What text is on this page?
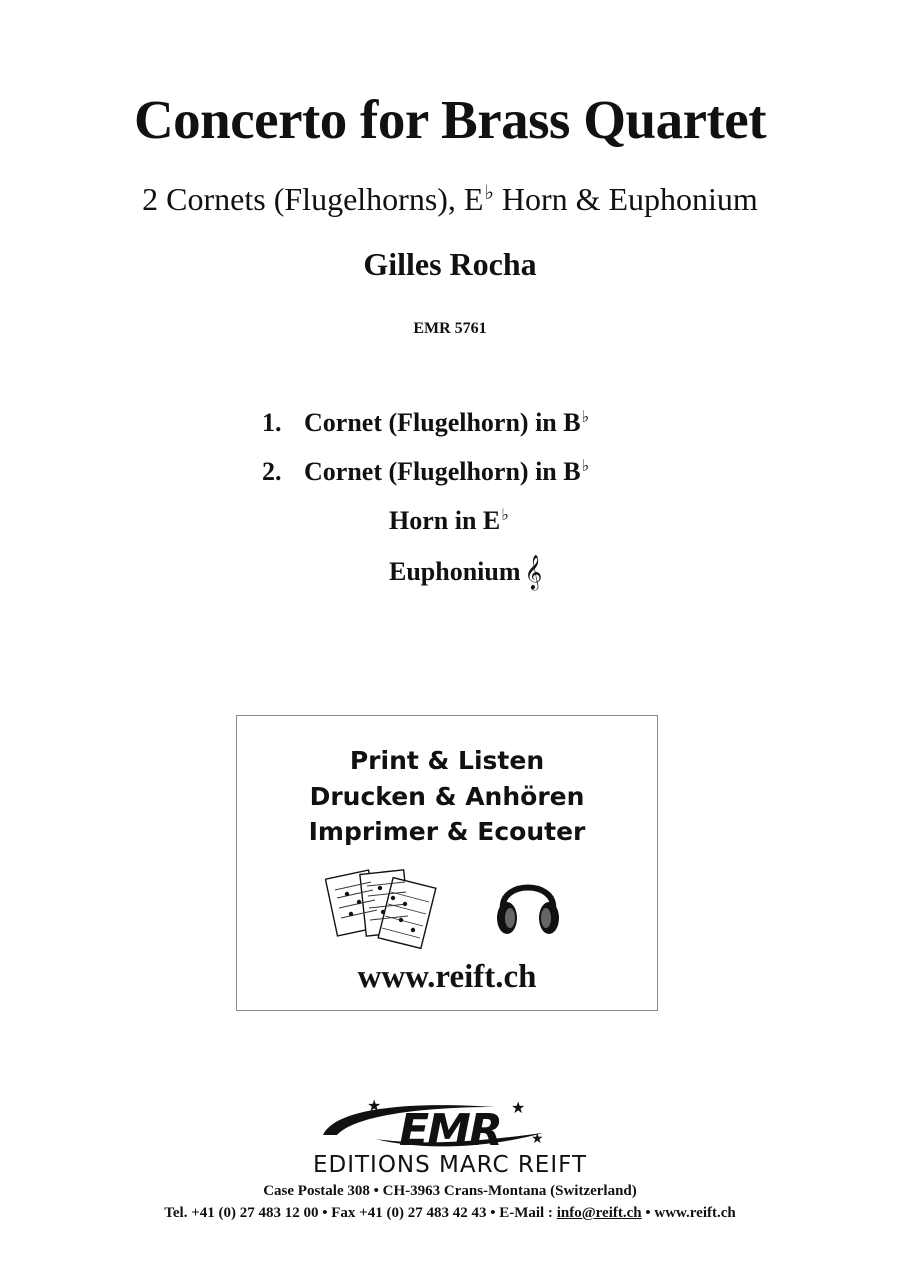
Concerto for Brass Quartet
2 Cornets (Flugelhorns), E♭ Horn & Euphonium
Gilles Rocha
EMR 5761
1. Cornet (Flugelhorn) in B♭
2. Cornet (Flugelhorn) in B♭
Horn in E♭
Euphonium 𝄞
Print & Listen
Drucken & Anhören
Imprimer & Ecouter
www.reift.ch
★	★
★
EMR
EDITIONS MARC REIFT
Case Postale 308 • CH-3963 Crans-Montana (Switzerland)
Tel. +41 (0) 27 483 12 00 • Fax +41 (0) 27 483 42 43 • E-Mail : info@reift.ch • www.reift.ch
